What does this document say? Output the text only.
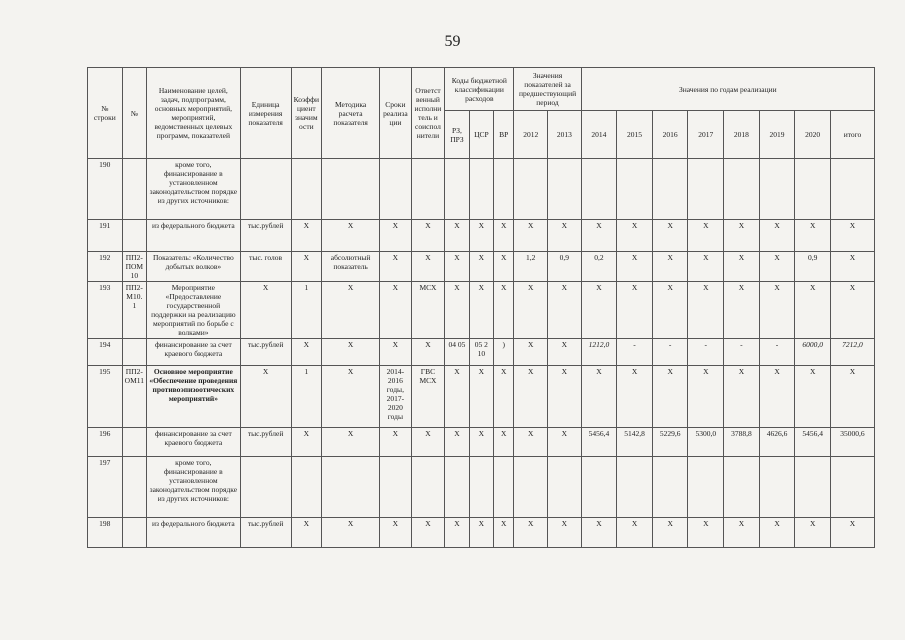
59
№ строки	№	Наименование целей, задач, подпрограмм, основных мероприятий, мероприятий, ведомственных целевых программ, показателей	Единица измерения показателя	Коэффициент значимости	Методика расчета показателя	Сроки реализации	Ответственный исполнитель и соисполнители	Коды бюджетной классификации расходов			Значения показателей за предшествующий период		Значения по годам реализации							
								РЗ, ПРЗ	ЦСР	ВР	2012	2013	2014	2015	2016	2017	2018	2019	2020	итого
190		кроме того, финансирование в установленном законодательством порядке из других источников:																		
191		из федерального бюджета	тыс.рублей	X	X	X	X	X	X	X	X	X	X	X	X	X	X	X	X	X
192	ПП2-ПОМ10	Показатель: «Количество добытых волков»	тыс. голов	X	абсолютный показатель	X	X	X	X	X	1,2	0,9	0,2	X	X	X	X	X	0,9	X
193	ПП2-М10.1	Мероприятие «Предоставление государственной поддержки на реализацию мероприятий по борьбе с волками»	X	1	X	X	МСХ	X	X	X	X	X	X	X	X	X	X	X	X	X
194		финансирование за счет краевого бюджета	тыс.рублей	X	X	X	X	04 05	05 2 10	)	X	X	1212,0	-	-	-	-	-	6000,0	7212,0
195	ПП2-ОМ11	Основное мероприятие «Обеспечение проведения противоэпизоотических мероприятий»	X	1	X	2014-2016 годы, 2017-2020 годы	ГВС МСХ	X	X	X	X	X	X	X	X	X	X	X	X	X
196		финансирование за счет краевого бюджета	тыс.рублей	X	X	X	X	X	X	X	X	X	5456,4	5142,8	5229,6	5300,0	3788,8	4626,6	5456,4	35000,6
197		кроме того, финансирование в установленном законодательством порядке из других источников:																		
198		из федерального бюджета	тыс.рублей	X	X	X	X	X	X	X	X	X	X	X	X	X	X	X	X	X
